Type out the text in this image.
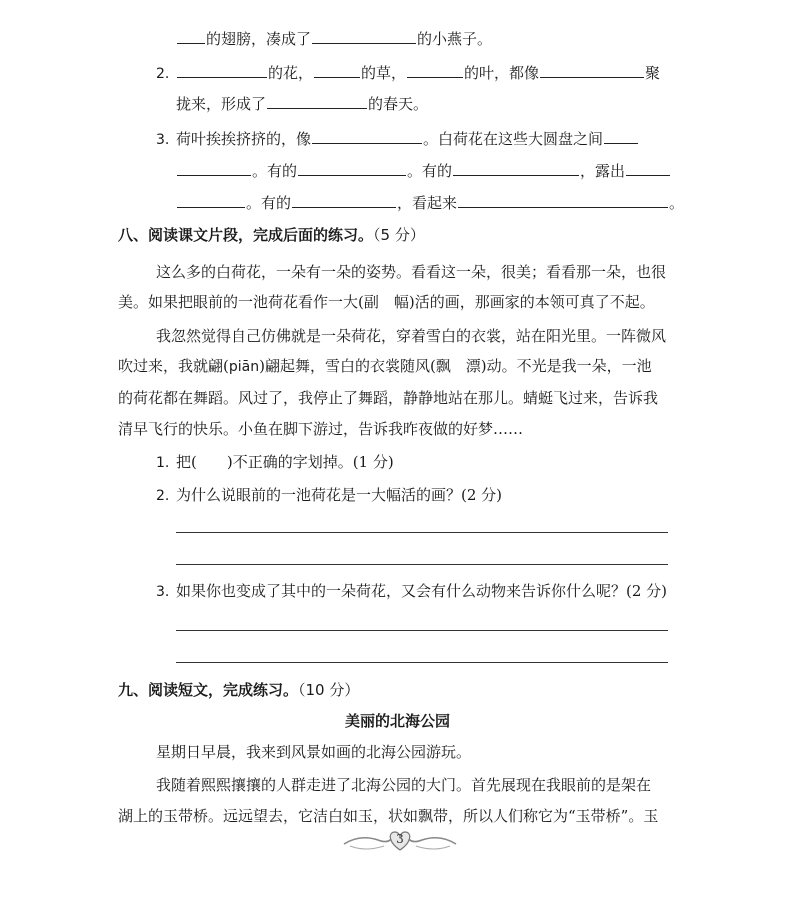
的翅膀，凑成了	的小燕子。
2.	的花，	的草，	的叶，都像	聚
拢来，形成了	的春天。
3. 荷叶挨挨挤挤的，像	。白荷花在这些大圆盘之间
。有的	。有的	，露出
。有的	，看起来	。
八、阅读课文片段，完成后面的练习。（5 分）
这么多的白荷花，一朵有一朵的姿势。看看这一朵，很美；看看那一朵，也很
美。如果把眼前的一池荷花看作一大(副　幅)活的画，那画家的本领可真了不起。
我忽然觉得自己仿佛就是一朵荷花，穿着雪白的衣裳，站在阳光里。一阵微风
吹过来，我就翩(piān)翩起舞，雪白的衣裳随风(飘　漂)动。不光是我一朵，一池
的荷花都在舞蹈。风过了，我停止了舞蹈，静静地站在那儿。蜻蜓飞过来，告诉我
清早飞行的快乐。小鱼在脚下游过，告诉我昨夜做的好梦……
1. 把(　　)不正确的字划掉。(1 分)
2. 为什么说眼前的一池荷花是一大幅活的画？(2 分)
3. 如果你也变成了其中的一朵荷花，又会有什么动物来告诉你什么呢？(2 分)
九、阅读短文，完成练习。（10 分）
美丽的北海公园
星期日早晨，我来到风景如画的北海公园游玩。
我随着熙熙攘攘的人群走进了北海公园的大门。首先展现在我眼前的是架在
湖上的玉带桥。远远望去，它洁白如玉，状如飘带，所以人们称它为“玉带桥”。玉
3
